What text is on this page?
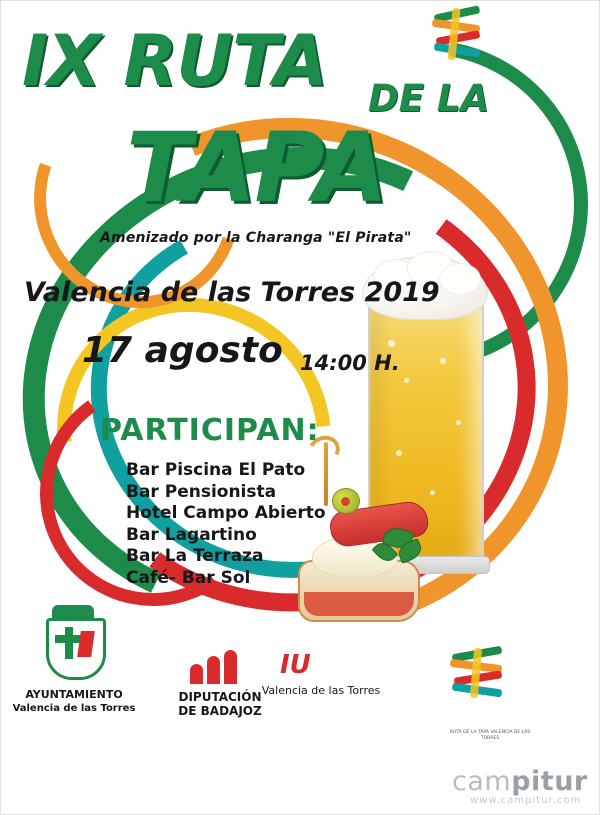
IX RUTA DE LA
TAPA
Amenizado por la Charanga "El Pirata"
Valencia de las Torres 2019
17 agosto 14:00 H.
PARTICIPAN:
Bar Piscina El Pato
Bar Pensionista
Hotel Campo Abierto
Bar Lagartino
Bar La Terraza
Café- Bar Sol
AYUNTAMIENTO
Valencia de las Torres
DIPUTACIÓN
DE BADAJOZ
IU
Valencia de las Torres
RUTA DE LA TAPA VALENCIA DE LAS TORRES
campitur
www.campitur.com
